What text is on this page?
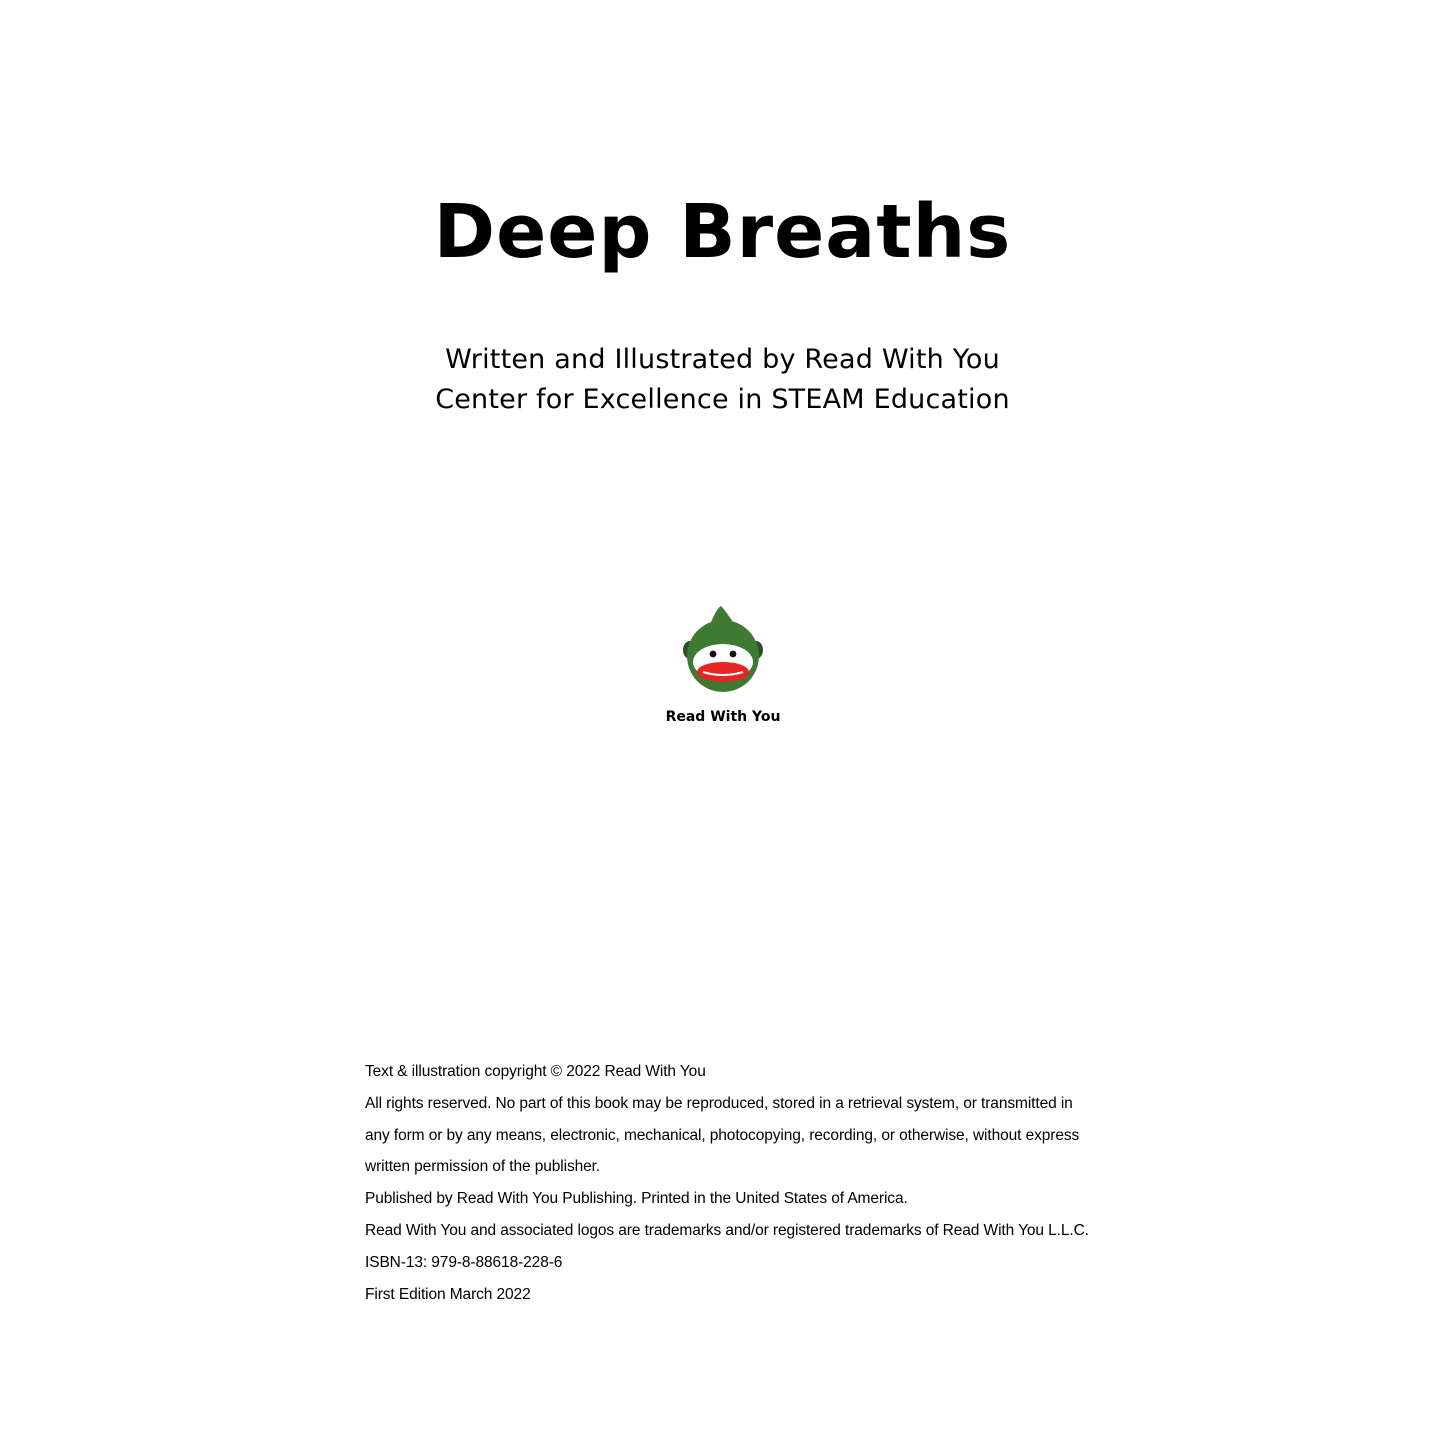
Deep Breaths
Written and Illustrated by Read With You
Center for Excellence in STEAM Education
Read With You

Text & illustration copyright © 2022 Read With You

All rights reserved. No part of this book may be reproduced, stored in a retrieval system, or transmitted in

any form or by any means, electronic, mechanical, photocopying, recording, or otherwise, without express

written permission of the publisher.

Published by Read With You Publishing. Printed in the United States of America.

Read With You and associated logos are trademarks and/or registered trademarks of Read With You L.L.C.

ISBN-13: 979-8-88618-228-6

First Edition March 2022
